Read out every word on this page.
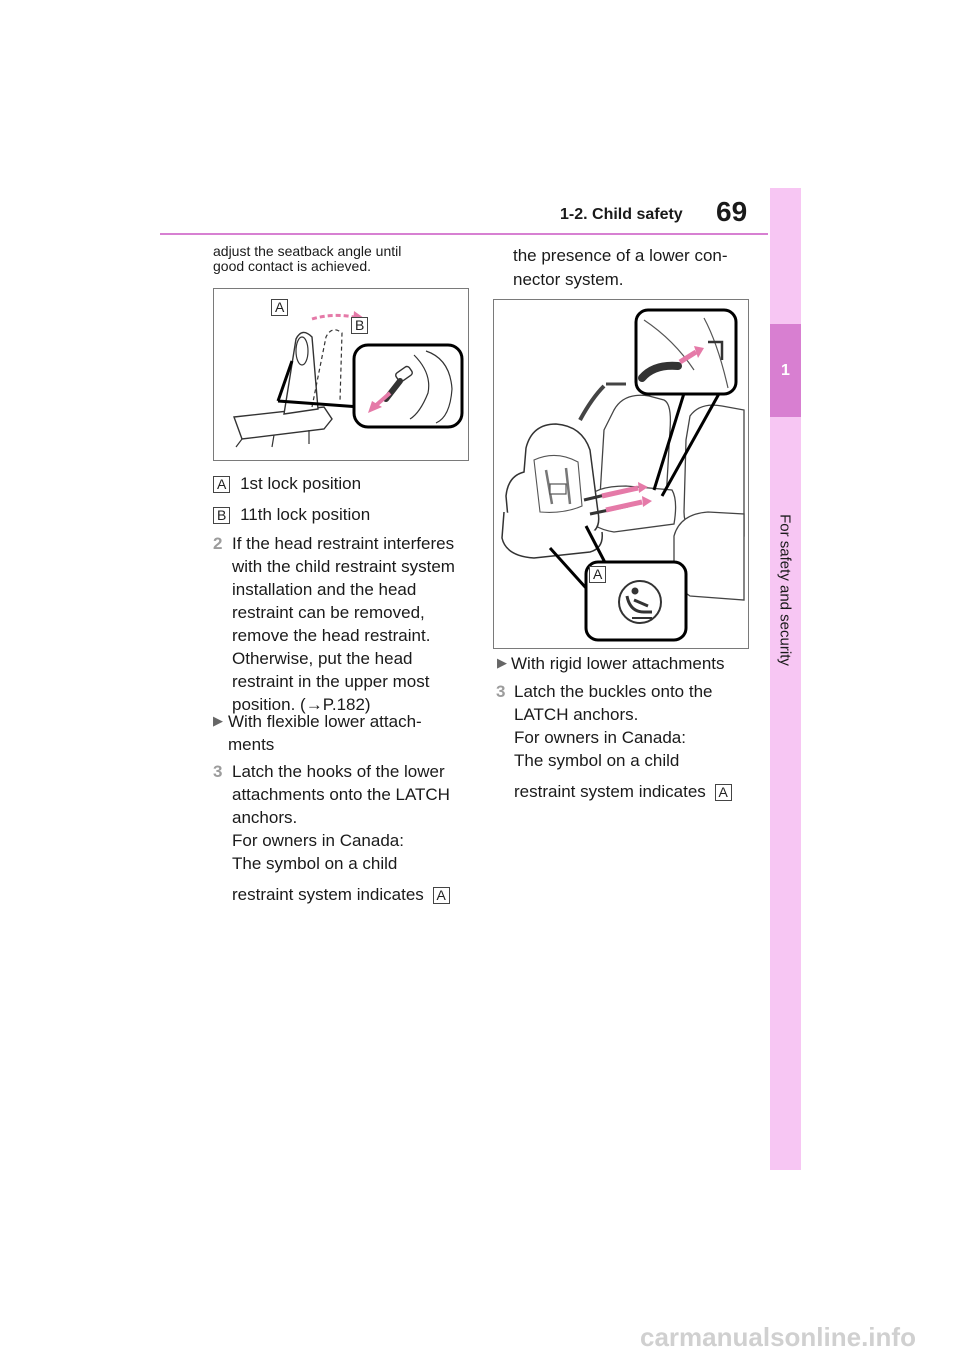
1-2. Child safety 69
1
For safety and security
adjust the seatback angle until
good contact is achieved.
A
B
A 1st lock position
B 11th lock position
2 If the head restraint interferes
with the child restraint system
installation and the head
restraint can be removed,
remove the head restraint.
Otherwise, put the head
restraint in the upper most
position. (→P.182)
▶ With flexible lower attach-
ments
3 Latch the hooks of the lower
attachments onto the LATCH
anchors.
For owners in Canada:
The symbol on a child
restraint system indicates A
the presence of a lower con-
nector system.
A
▶ With rigid lower attachments
3 Latch the buckles onto the
LATCH anchors.
For owners in Canada:
The symbol on a child
restraint system indicates A
carmanualsonline.info
